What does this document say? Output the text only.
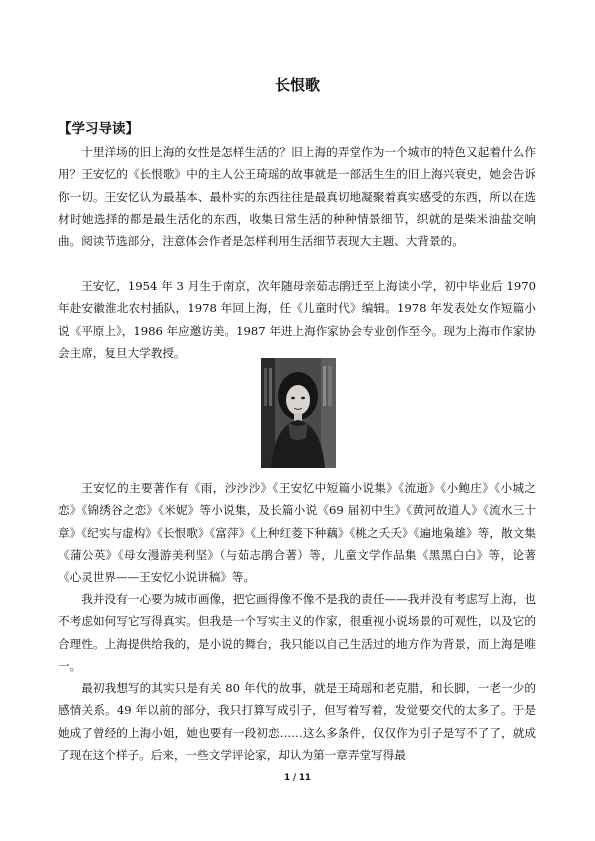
长恨歌
【学习导读】

十里洋场的旧上海的女性是怎样生活的？旧上海的弄堂作为一个城市的特色又起着什么作用？王安忆的《长恨歌》中的主人公王琦瑶的故事就是一部活生生的旧上海兴衰史，她会告诉你一切。王安忆认为最基本、最朴实的东西往往是最真切地凝聚着真实感受的东西，所以在选材时她选择的都是最生活化的东西，收集日常生活的种种情景细节，织就的是柴米油盐交响曲。阅读节选部分，注意体会作者是怎样利用生活细节表现大主题、大背景的。

王安忆，1954 年 3 月生于南京，次年随母亲茹志鹃迁至上海读小学，初中毕业后 1970 年赴安徽淮北农村插队，1978 年回上海，任《儿童时代》编辑。1978 年发表处女作短篇小说《平原上》，1986 年应邀访美。1987 年进上海作家协会专业创作至今。现为上海市作家协会主席，复旦大学教授。

王安忆的主要著作有《雨，沙沙沙》《王安忆中短篇小说集》《流逝》《小鲍庄》《小城之恋》《锦绣谷之恋》《米妮》等小说集，及长篇小说《69 届初中生》《黄河故道人》《流水三十章》《纪实与虚构》《长恨歌》《富萍》《上种红菱下种藕》《桃之夭夭》《遍地枭雄》等，散文集《蒲公英》《母女漫游美利坚》（与茹志鹃合著）等，儿童文学作品集《黑黑白白》等，论著《心灵世界——王安忆小说讲稿》等。

我并没有一心要为城市画像，把它画得像不像不是我的责任——我并没有考虑写上海，也不考虑如何写它写得真实。但我是一个写实主义的作家，很重视小说场景的可观性，以及它的合理性。上海提供给我的，是小说的舞台，我只能以自己生活过的地方作为背景，而上海是唯一。

最初我想写的其实只是有关 80 年代的故事，就是王琦瑶和老克腊，和长脚，一老一少的感情关系。49 年以前的部分，我只打算写成引子，但写着写着，发觉要交代的太多了。于是她成了曾经的上海小姐，她也要有一段初恋……这么多条件，仅仅作为引子是写不了了，就成了现在这个样子。后来，一些文学评论家，却认为第一章弄堂写得最

1 / 11
